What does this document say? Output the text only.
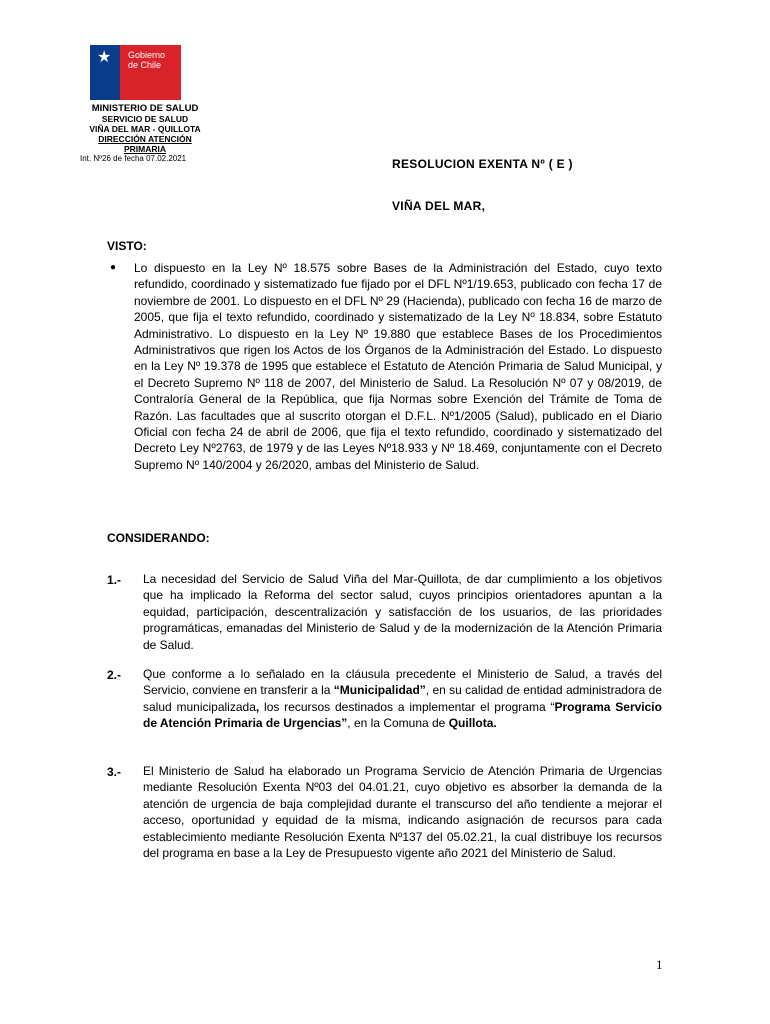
★ Gobierno
de Chile
MINISTERIO DE SALUD
SERVICIO DE SALUD
VIÑA DEL MAR - QUILLOTA
DIRECCIÓN ATENCIÓN PRIMARIA
Int. Nº26 de fecha 07.02.2021	RESOLUCION EXENTA Nº ( E )
VIÑA DEL MAR,
VISTO:
● Lo dispuesto en la Ley Nº 18.575 sobre Bases de la Administración del Estado, cuyo texto refundido, coordinado y sistematizado fue fijado por el DFL Nº1/19.653, publicado con fecha 17 de noviembre de 2001. Lo dispuesto en el DFL Nº 29 (Hacienda), publicado con fecha 16 de marzo de 2005, que fija el texto refundido, coordinado y sistematizado de la Ley Nº 18.834, sobre Estatuto Administrativo. Lo dispuesto en la Ley Nº 19.880 que establece Bases de los Procedimientos Administrativos que rigen los Actos de los Órganos de la Administración del Estado. Lo dispuesto en la Ley Nº 19.378 de 1995 que establece el Estatuto de Atención Primaria de Salud Municipal, y el Decreto Supremo Nº 118 de 2007, del Ministerio de Salud. La Resolución Nº 07 y 08/2019, de Contraloría General de la República, que fija Normas sobre Exención del Trámite de Toma de Razón. Las facultades que al suscrito otorgan el D.F.L. Nº1/2005 (Salud), publicado en el Diario Oficial con fecha 24 de abril de 2006, que fija el texto refundido, coordinado y sistematizado del Decreto Ley Nº2763, de 1979 y de las Leyes Nº18.933 y Nº 18.469, conjuntamente con el Decreto Supremo Nº 140/2004 y 26/2020, ambas del Ministerio de Salud.
CONSIDERANDO:
1.- La necesidad del Servicio de Salud Viña del Mar-Quillota, de dar cumplimiento a los objetivos que ha implicado la Reforma del sector salud, cuyos principios orientadores apuntan a la equidad, participación, descentralización y satisfacción de los usuarios, de las prioridades programáticas, emanadas del Ministerio de Salud y de la modernización de la Atención Primaria de Salud.
2.- Que conforme a lo señalado en la cláusula precedente el Ministerio de Salud, a través del Servicio, conviene en transferir a la “Municipalidad”, en su calidad de entidad administradora de salud municipalizada, los recursos destinados a implementar el programa “Programa Servicio de Atención Primaria de Urgencias”, en la Comuna de Quillota.
3.- El Ministerio de Salud ha elaborado un Programa Servicio de Atención Primaria de Urgencias mediante Resolución Exenta Nº03 del 04.01.21, cuyo objetivo es absorber la demanda de la atención de urgencia de baja complejidad durante el transcurso del año tendiente a mejorar el acceso, oportunidad y equidad de la misma, indicando asignación de recursos para cada establecimiento mediante Resolución Exenta Nº137 del 05.02.21, la cual distribuye los recursos del programa en base a la Ley de Presupuesto vigente año 2021 del Ministerio de Salud.
1
